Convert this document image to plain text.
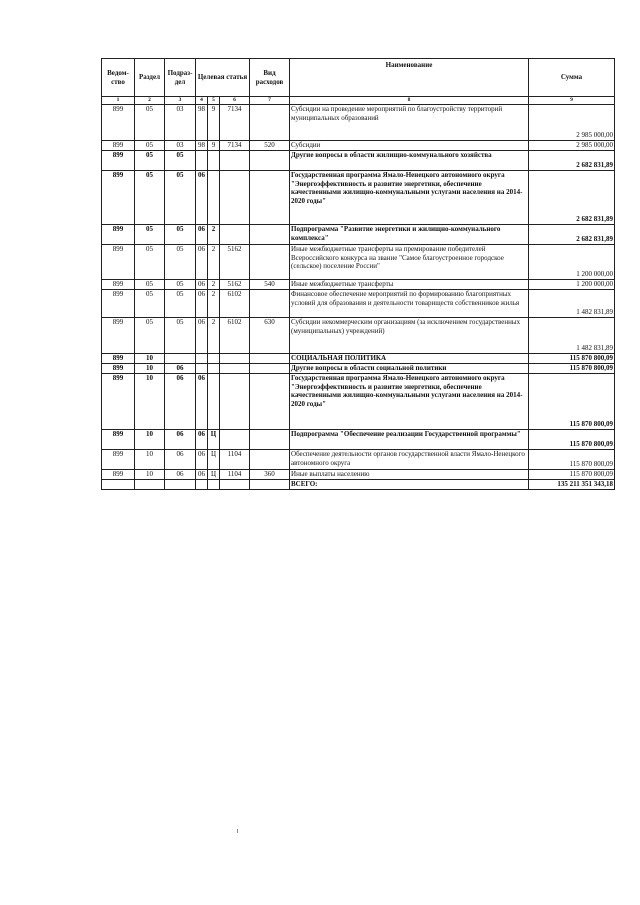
Ведом-ство	Раздел	Подраз-дел	Целевая статья			Вид расходов	Наименование	Сумма
1	2	3	4	5	6	7	8	9
899	05	03	98	9	7134		Субсидии на проведение мероприятий по благоустройству территорий муниципальных образований	2 985 000,00
899	05	03	98	9	7134	520	Субсидии	2 985 000,00
899	05	05					Другие вопросы в области жилищно-коммунального хозяйства	2 682 831,89
899	05	05	06				Государственная программа Ямало-Ненецкого автономного округа "Энергоэффективность и развитие энергетики, обеспечение качественными жилищно-коммунальными услугами населения на 2014-2020 годы"	2 682 831,89
899	05	05	06	2			Подпрограмма "Развитие энергетики и жилищно-коммунального комплекса"	2 682 831,89
899	05	05	06	2	5162		Иные межбюджетные трансферты на премирование победителей Всероссийского конкурса на звание "Самое благоустроенное городское (сельское) поселение России"	1 200 000,00
899	05	05	06	2	5162	540	Иные межбюджетные трансферты	1 200 000,00
899	05	05	06	2	6102		Финансовое обеспечение мероприятий по формированию благоприятных условий для образования и деятельности товариществ собственников жилья	1 482 831,89
899	05	05	06	2	6102	630	Субсидии некоммерческим организациям (за исключением государственных (муниципальных) учреждений)	1 482 831,89
899	10						СОЦИАЛЬНАЯ ПОЛИТИКА	115 870 800,09
899	10	06					Другие вопросы в области социальной политики	115 870 800,09
899	10	06	06				Государственная программа Ямало-Ненецкого автономного округа "Энергоэффективность и развитие энергетики, обеспечение качественными жилищно-коммунальными услугами населения на 2014-2020 годы"	115 870 800,09
899	10	06	06	Ц			Подпрограмма "Обеспечение реализации Государственной программы"	115 870 800,09
899	10	06	06	Ц	1104		Обеспечение деятельности органов государственной власти Ямало-Ненецкого автономного округа	115 870 800,09
899	10	06	06	Ц	1104	360	Иные выплаты населению	115 870 800,09
							ВСЕГО:	135 211 351 343,18
